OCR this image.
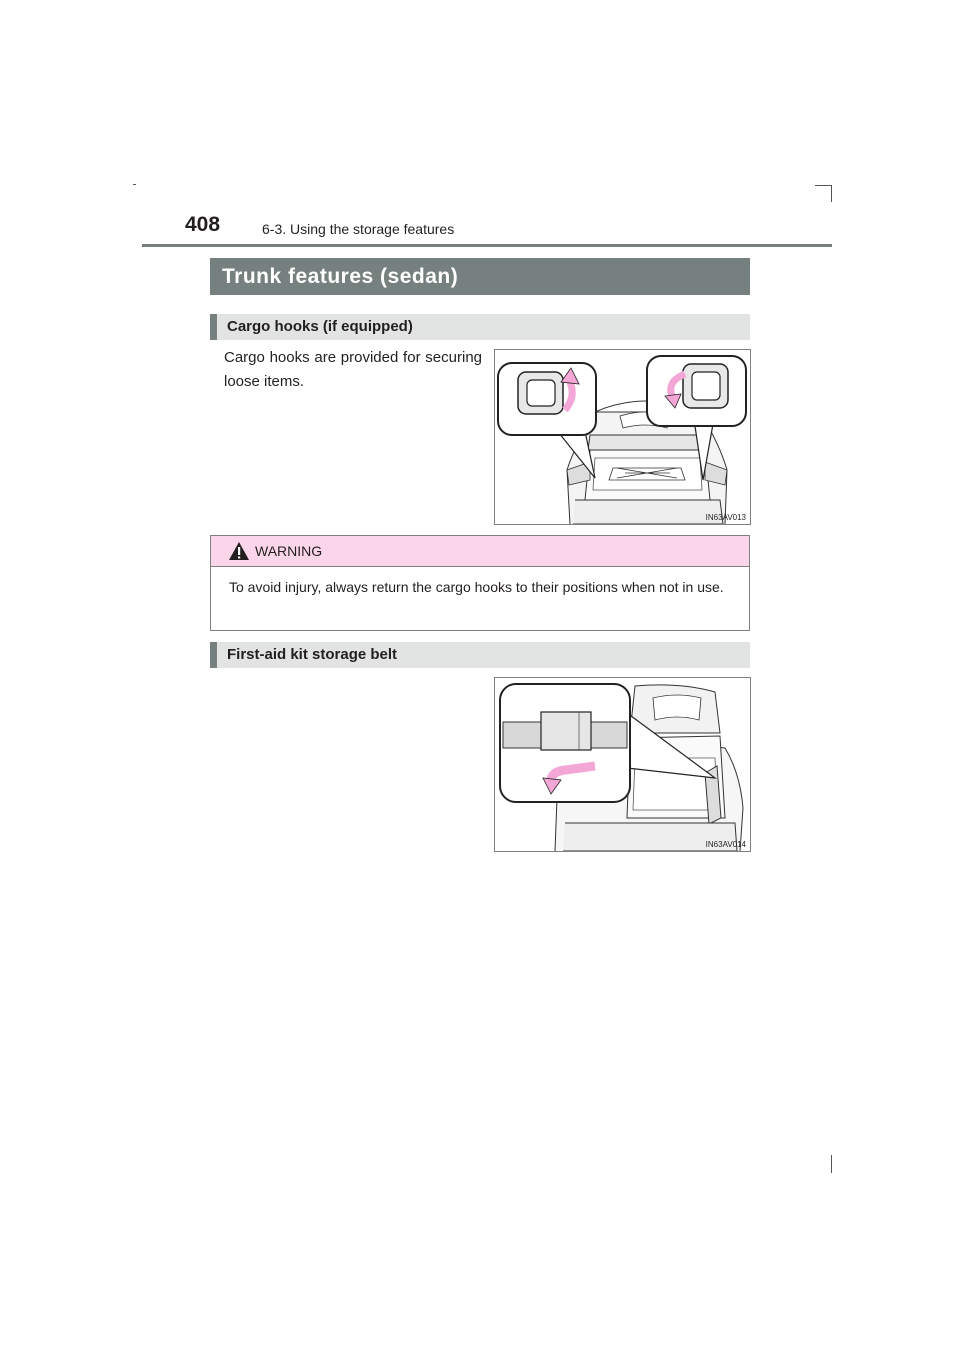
408	6-3. Using the storage features
Trunk features (sedan)
Cargo hooks (if equipped)
Cargo hooks are provided for securing loose items.
IN63AV013
WARNING
To avoid injury, always return the cargo hooks to their positions when not in use.
First-aid kit storage belt
IN63AV014
